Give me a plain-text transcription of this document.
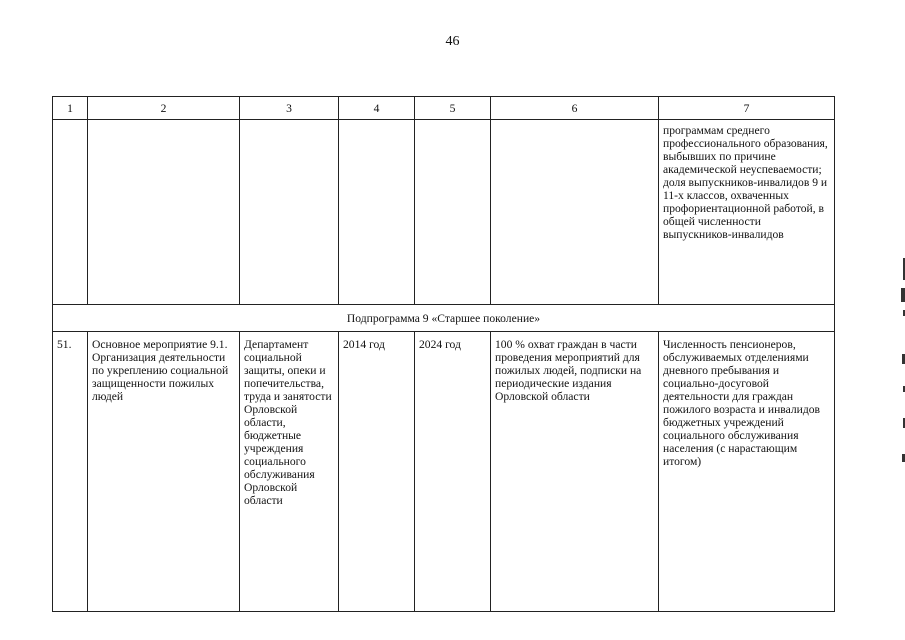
46
1	2	3	4	5	6	7
						программам среднего профессионального образования, выбывших по причине академической неуспеваемости; доля выпускников-инвалидов 9 и 11-х классов, охваченных профориентационной работой, в общей численности выпускников-инвалидов
Подпрограмма 9 «Старшее поколение»						
51.	Основное мероприятие 9.1. Организация деятельности по укреплению социальной защищенности пожилых людей	Департамент социальной защиты, опеки и попечительства, труда и занятости Орловской области, бюджетные учреждения социального обслуживания Орловской области	2014 год	2024 год	100 % охват граждан в части проведения мероприятий для пожилых людей, подписки на периодические издания Орловской области	Численность пенсионеров, обслуживаемых отделениями дневного пребывания и социально-досуговой деятельности для граждан пожилого возраста и инвалидов бюджетных учреждений социального обслуживания населения (с нарастающим итогом)
